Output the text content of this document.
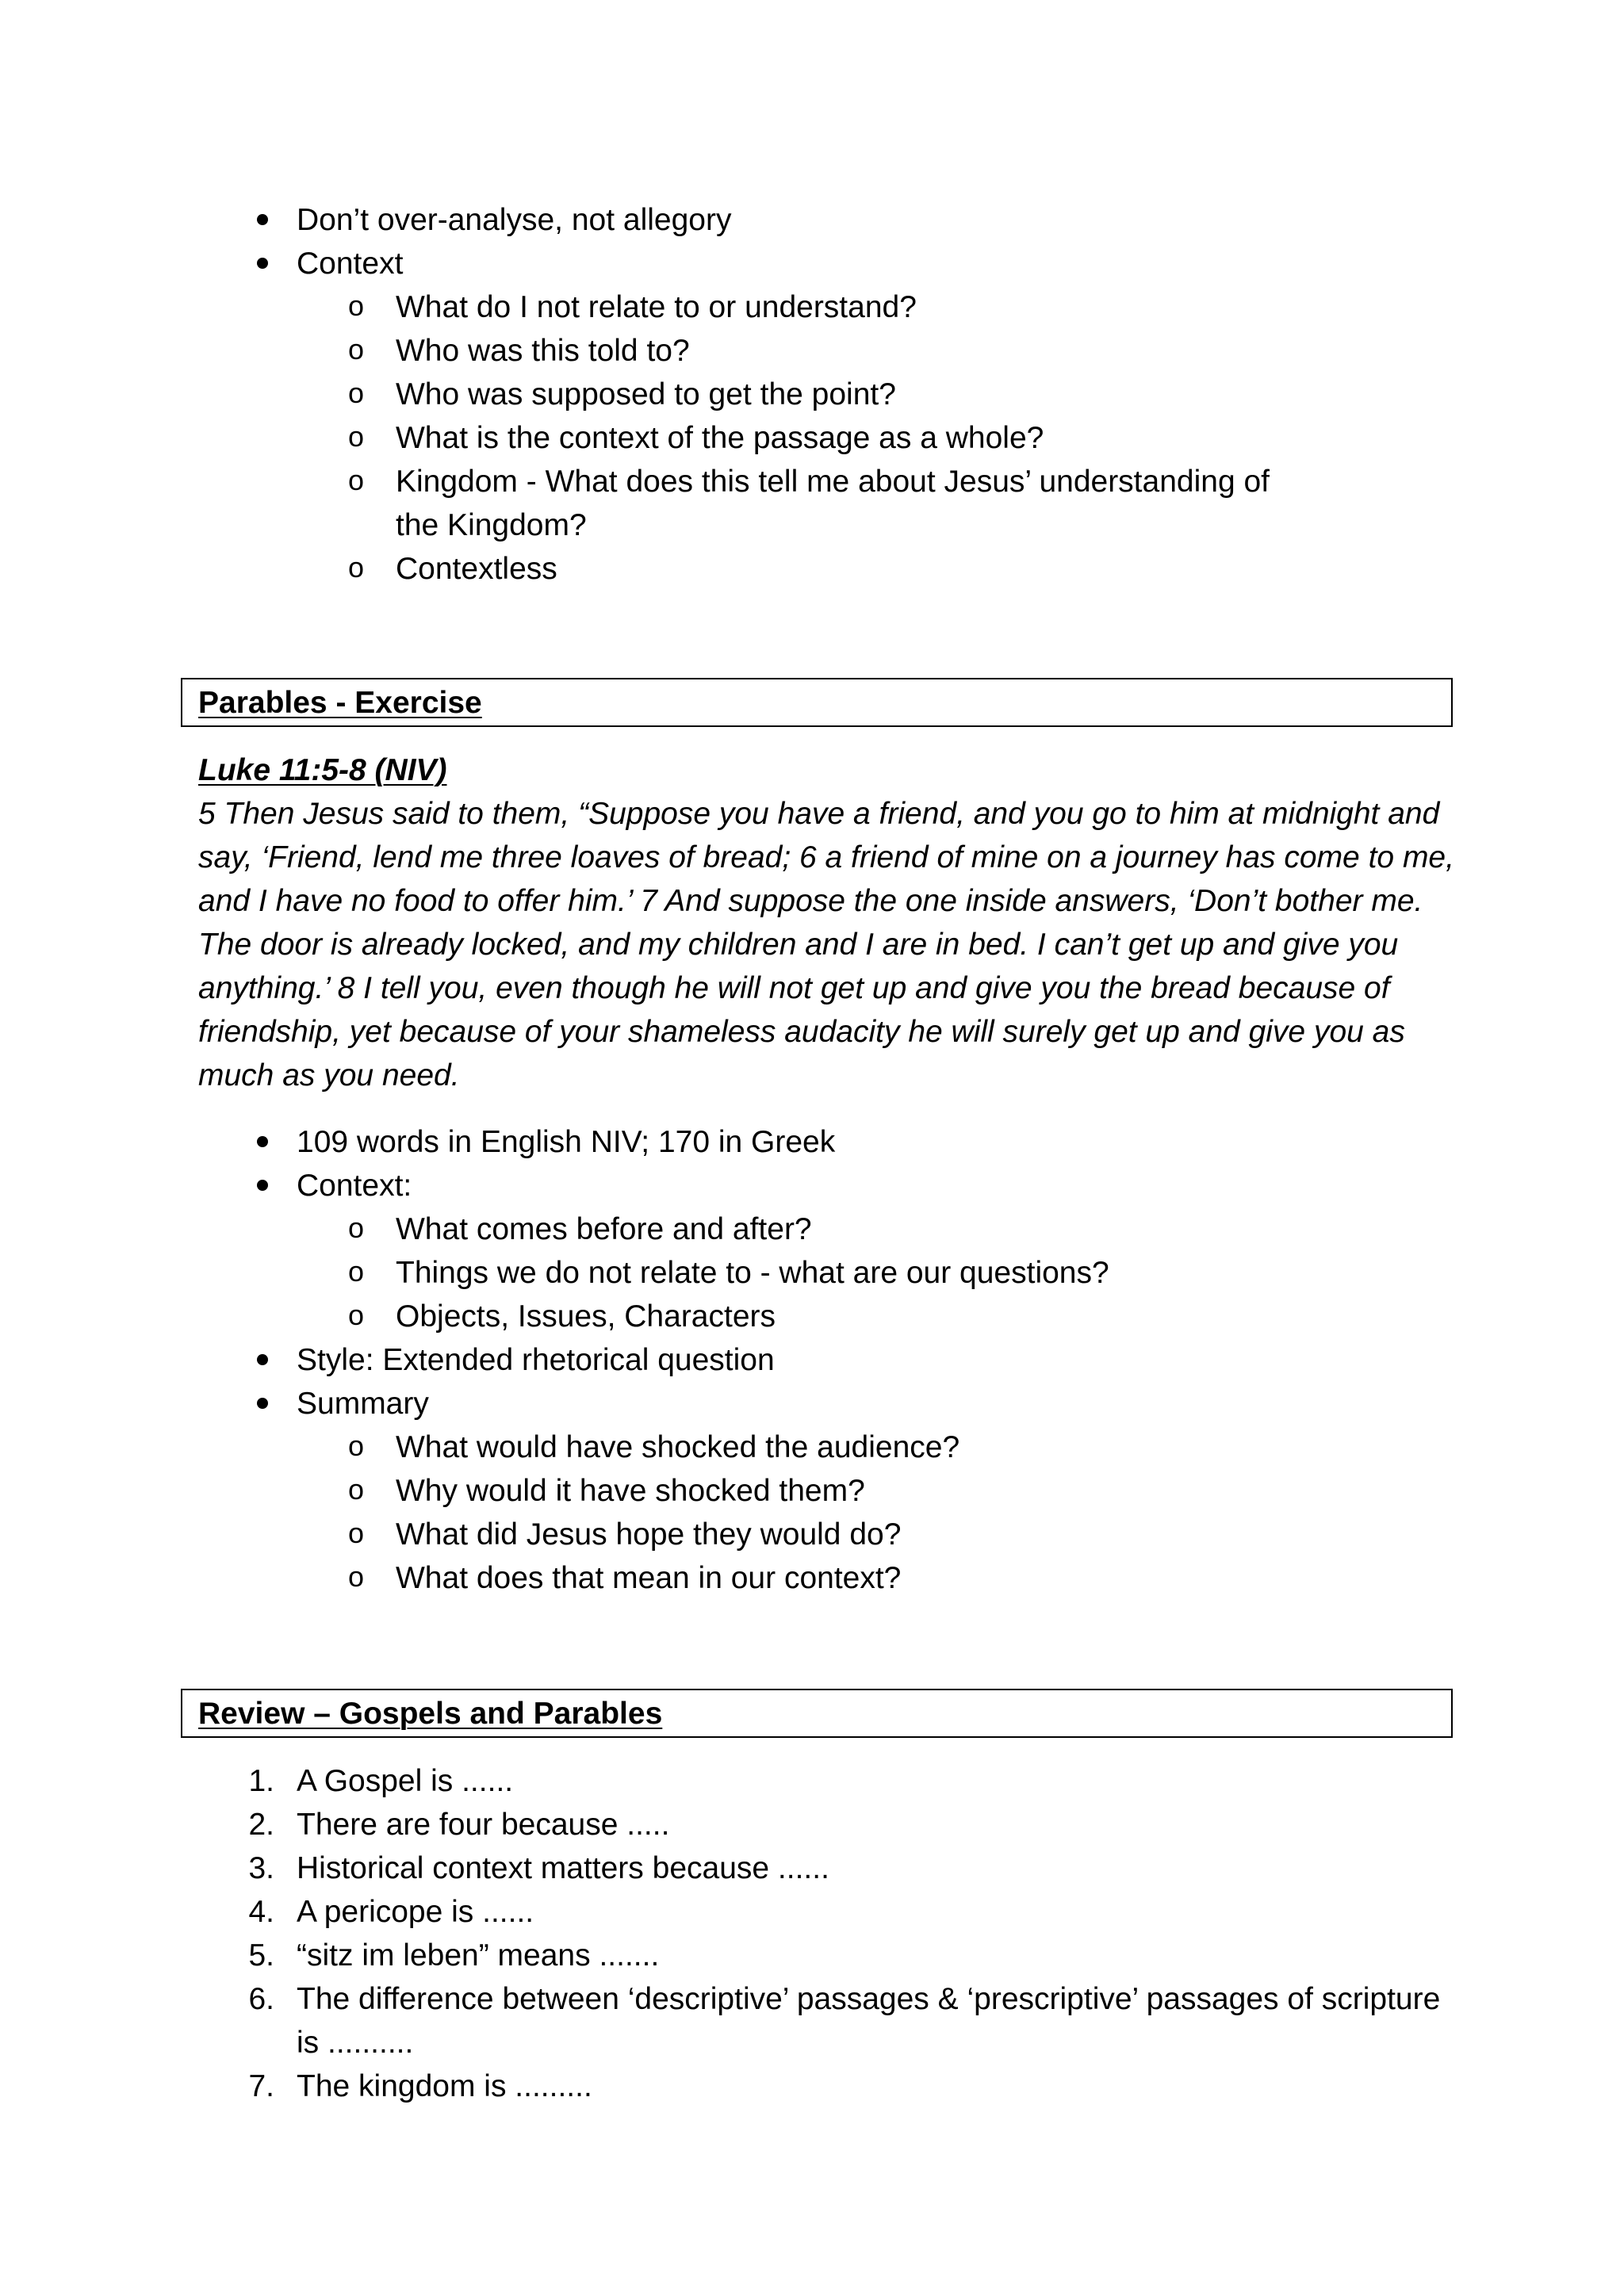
Don’t over-analyse, not allegory
Context
o What do I not relate to or understand?
o Who was this told to?
o Who was supposed to get the point?
o What is the context of the passage as a whole?
o Kingdom - What does this tell me about Jesus’ understanding of the Kingdom?
o Contextless
Parables - Exercise

Luke 11:5-8 (NIV)

5 Then Jesus said to them, “Suppose you have a friend, and you go to him at midnight and say, ‘Friend, lend me three loaves of bread; 6 a friend of mine on a journey has come to me, and I have no food to offer him.’ 7 And suppose the one inside answers, ‘Don’t bother me. The door is already locked, and my children and I are in bed. I can’t get up and give you anything.’ 8 I tell you, even though he will not get up and give you the bread because of friendship, yet because of your shameless audacity he will surely get up and give you as much as you need.

109 words in English NIV; 170 in Greek
Context:
o What comes before and after?
o Things we do not relate to - what are our questions?
o Objects, Issues, Characters
Style: Extended rhetorical question
Summary
o What would have shocked the audience?
o Why would it have shocked them?
o What did Jesus hope they would do?
o What does that mean in our context?
Review – Gospels and Parables
1. A Gospel is ......
2. There are four because .....
3. Historical context matters because ......
4. A pericope is ......
5. “sitz im leben” means .......
6. The difference between ‘descriptive’ passages & ‘prescriptive’ passages of scripture is ..........
7. The kingdom is .........
